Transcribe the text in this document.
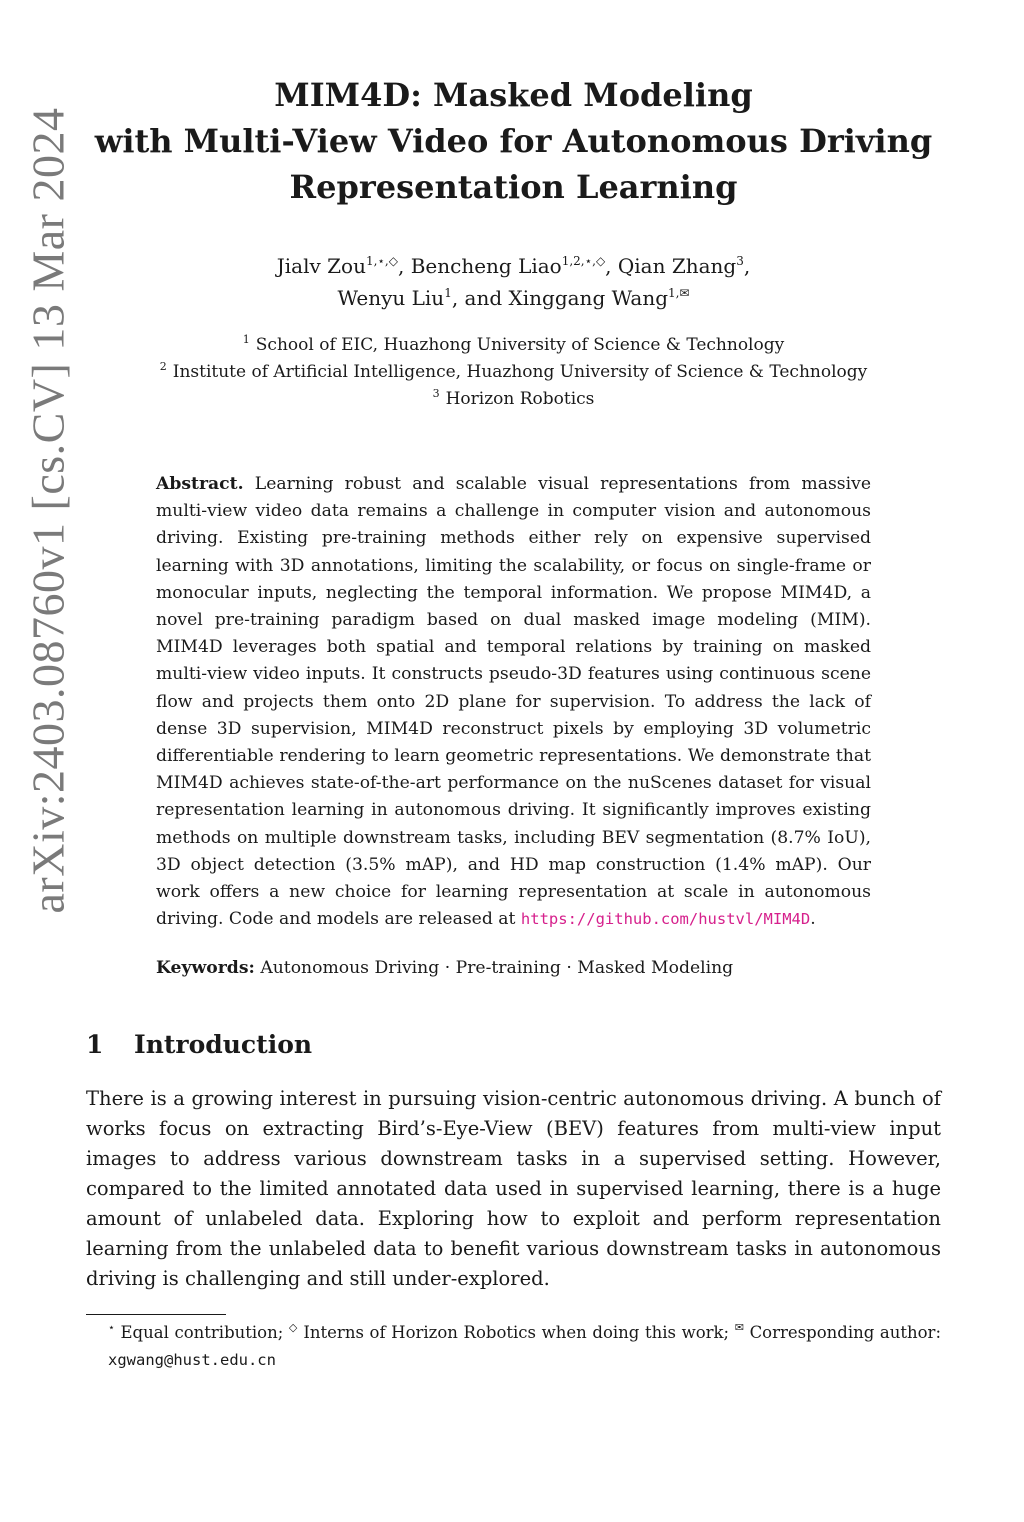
arXiv:2403.08760v1 [cs.CV] 13 Mar 2024
MIM4D: Masked Modeling
with Multi-View Video for Autonomous Driving
Representation Learning
Jialv Zou$^{1,⋆,◇}$, Bencheng Liao$^{1,2,⋆,◇}$, Qian Zhang$^3$,
Wenyu Liu$^1$, and Xinggang Wang$^{1,✉}$
$^1$ School of EIC, Huazhong University of Science & Technology
$^2$ Institute of Artificial Intelligence, Huazhong University of Science & Technology
$^3$ Horizon Robotics
Abstract. Learning robust and scalable visual representations from massive multi-view video data remains a challenge in computer vision and autonomous driving. Existing pre-training methods either rely on expensive supervised learning with 3D annotations, limiting the scalability, or focus on single-frame or monocular inputs, neglecting the temporal information. We propose MIM4D, a novel pre-training paradigm based on dual masked image modeling (MIM). MIM4D leverages both spatial and temporal relations by training on masked multi-view video inputs. It constructs pseudo-3D features using continuous scene flow and projects them onto 2D plane for supervision. To address the lack of dense 3D supervision, MIM4D reconstruct pixels by employing 3D volumetric differentiable rendering to learn geometric representations. We demonstrate that MIM4D achieves state-of-the-art performance on the nuScenes dataset for visual representation learning in autonomous driving. It significantly improves existing methods on multiple downstream tasks, including BEV segmentation (8.7% IoU), 3D object detection (3.5% mAP), and HD map construction (1.4% mAP). Our work offers a new choice for learning representation at scale in autonomous driving. Code and models are released at https://github.com/hustvl/MIM4D.
Keywords: Autonomous Driving · Pre-training · Masked Modeling
1 Introduction

There is a growing interest in pursuing vision-centric autonomous driving. A bunch of works focus on extracting Bird’s-Eye-View (BEV) features from multi-view input images to address various downstream tasks in a supervised setting. However, compared to the limited annotated data used in supervised learning, there is a huge amount of unlabeled data. Exploring how to exploit and perform representation learning from the unlabeled data to benefit various downstream tasks in autonomous driving is challenging and still under-explored.

⋆ Equal contribution; ◇ Interns of Horizon Robotics when doing this work; ✉ Corresponding author: xgwang@hust.edu.cn
